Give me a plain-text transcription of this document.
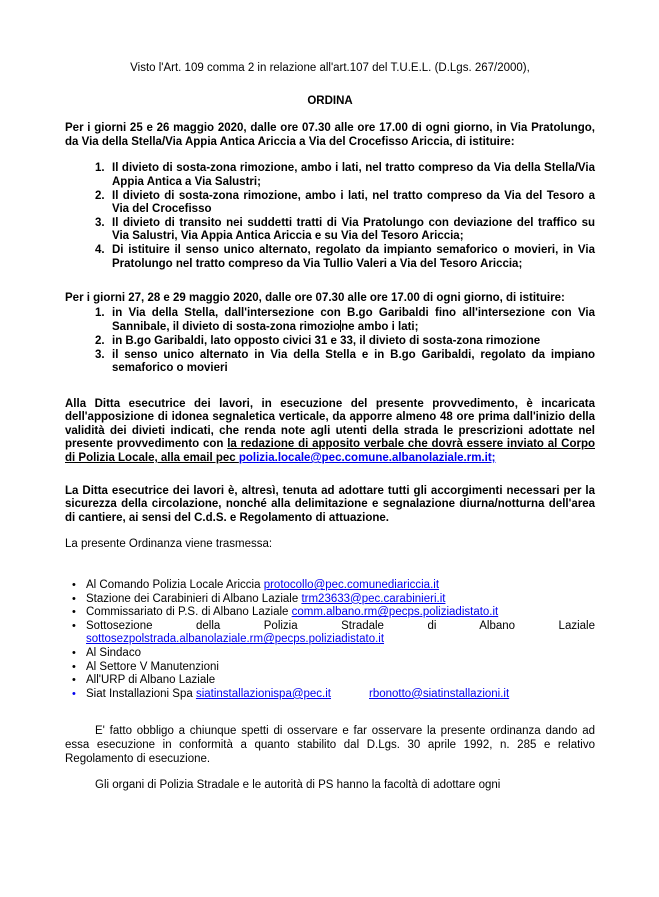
Visto l'Art. 109 comma 2 in relazione all'art.107 del T.U.E.L. (D.Lgs. 267/2000),

ORDINA

Per i giorni 25 e 26 maggio 2020, dalle ore 07.30 alle ore 17.00 di ogni giorno, in Via Pratolungo, da Via della Stella/Via Appia Antica Ariccia a Via del Crocefisso Ariccia, di istituire:

1. Il divieto di sosta-zona rimozione, ambo i lati, nel tratto compreso da Via della Stella/Via Appia Antica a Via Salustri;
2. Il divieto di sosta-zona rimozione, ambo i lati, nel tratto compreso da Via del Tesoro a Via del Crocefisso
3. Il divieto di transito nei suddetti tratti di Via Pratolungo con deviazione del traffico su Via Salustri, Via Appia Antica Ariccia e su Via del Tesoro Ariccia;
4. Di istituire il senso unico alternato, regolato da impianto semaforico o movieri, in Via Pratolungo nel tratto compreso da Via Tullio Valeri a Via del Tesoro Ariccia;

Per i giorni 27, 28 e 29 maggio 2020, dalle ore 07.30 alle ore 17.00 di ogni giorno, di istituire:

1. in Via della Stella, dall'intersezione con B.go Garibaldi fino all'intersezione con Via Sannibale, il divieto di sosta-zona rimozione ambo i lati;
2. in B.go Garibaldi, lato opposto civici 31 e 33, il divieto di sosta-zona rimozione
3. il senso unico alternato in Via della Stella e in B.go Garibaldi, regolato da impiano semaforico o movieri

Alla Ditta esecutrice dei lavori, in esecuzione del presente provvedimento, è incaricata dell'apposizione di idonea segnaletica verticale, da apporre almeno 48 ore prima dall'inizio della validità dei divieti indicati, che renda note agli utenti della strada le prescrizioni adottate nel presente provvedimento con la redazione di apposito verbale che dovrà essere inviato al Corpo di Polizia Locale, alla email pec polizia.locale@pec.comune.albanolaziale.rm.it;

La Ditta esecutrice dei lavori è, altresì, tenuta ad adottare tutti gli accorgimenti necessari per la sicurezza della circolazione, nonché alla delimitazione e segnalazione diurna/notturna dell'area di cantiere, ai sensi del C.d.S. e Regolamento di attuazione.

La presente Ordinanza viene trasmessa:

• Al Comando Polizia Locale Ariccia protocollo@pec.comunediariccia.it
• Stazione dei Carabinieri di Albano Laziale trm23633@pec.carabinieri.it
• Commissariato di P.S. di Albano Laziale comm.albano.rm@pecps.poliziadistato.it
• Sottosezione della Polizia Stradale di Albano Laziale
sottosezpolstrada.albanolaziale.rm@pecps.poliziadistato.it
• Al Sindaco
• Al Settore V Manutenzioni
• All'URP di Albano Laziale
• Siat Installazioni Spa siatinstallazionispa@pec.it	rbonotto@siatinstallazioni.it

E' fatto obbligo a chiunque spetti di osservare e far osservare la presente ordinanza dando ad essa esecuzione in conformità a quanto stabilito dal D.Lgs. 30 aprile 1992, n. 285 e relativo Regolamento di esecuzione.

Gli organi di Polizia Stradale e le autorità di PS hanno la facoltà di adottare ogni
